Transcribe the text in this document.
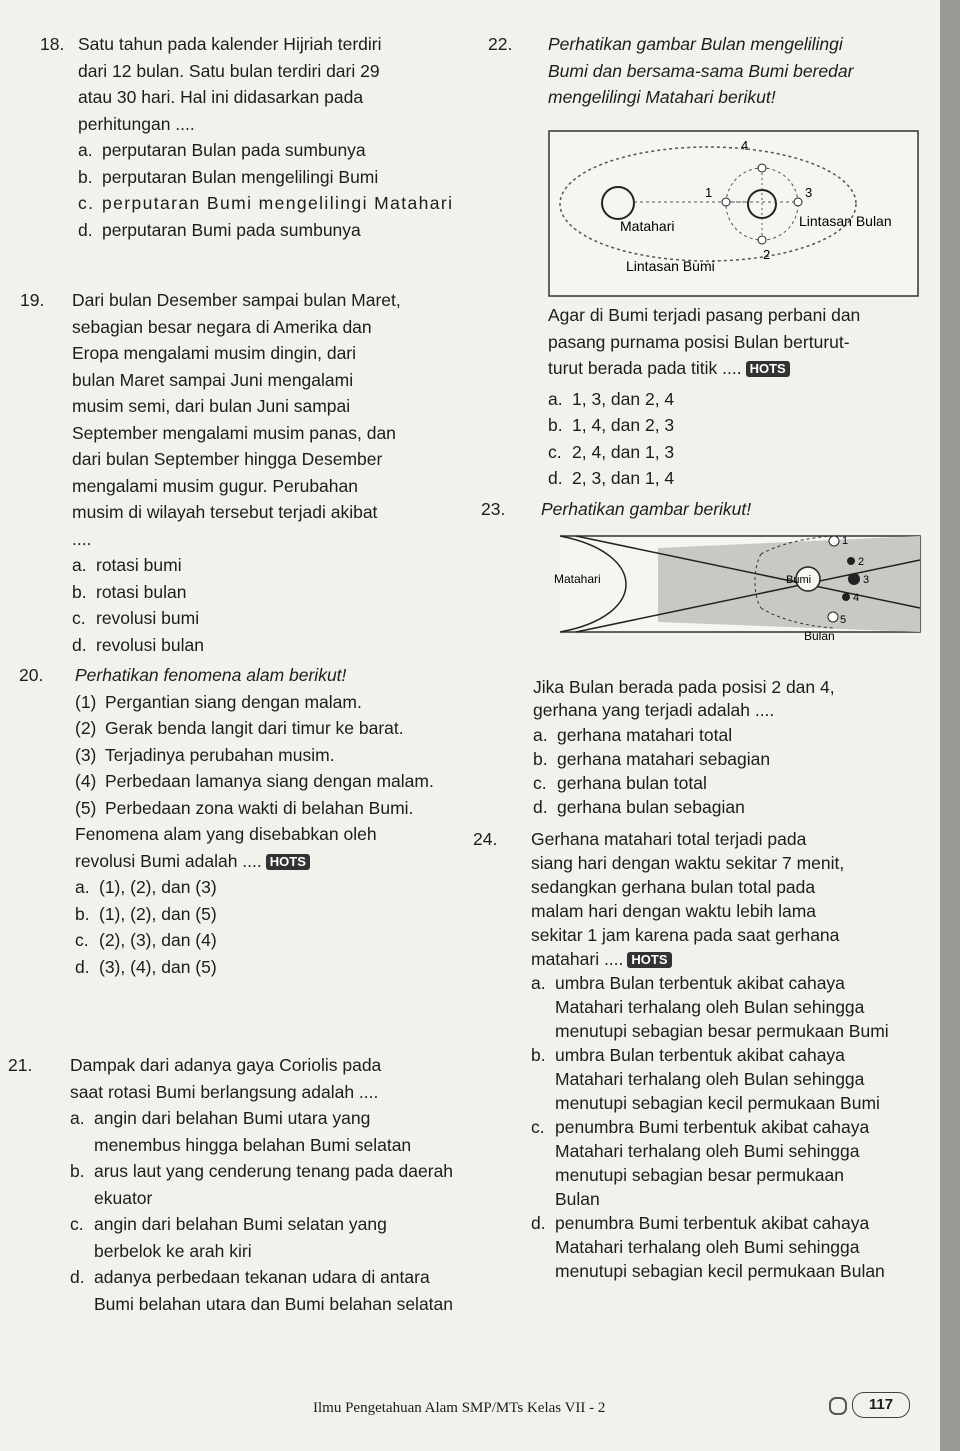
18. Satu tahun pada kalender Hijriah terdiri

dari 12 bulan. Satu bulan terdiri dari 29

atau 30 hari. Hal ini didasarkan pada

perhitungan ....

a. perputaran Bulan pada sumbunya
b. perputaran Bulan mengelilingi Bumi
c. perputaran Bumi mengelilingi Matahari
d. perputaran Bumi pada sumbunya
19. Dari bulan Desember sampai bulan Maret,

sebagian besar negara di Amerika dan

Eropa mengalami musim dingin, dari

bulan Maret sampai Juni mengalami

musim semi, dari bulan Juni sampai

September mengalami musim panas, dan

dari bulan September hingga Desember

mengalami musim gugur. Perubahan

musim di wilayah tersebut terjadi akibat

....

a. rotasi bumi
b. rotasi bulan
c. revolusi bumi
d. revolusi bulan
20. Perhatikan fenomena alam berikut!

(1) Pergantian siang dengan malam.
(2) Gerak benda langit dari timur ke barat.
(3) Terjadinya perubahan musim.
(4) Perbedaan lamanya siang dengan malam.
(5) Perbedaan zona wakti di belahan Bumi.

Fenomena alam yang disebabkan oleh

revolusi Bumi adalah .... HOTS

a. (1), (2), dan (3)
b. (1), (2), dan (5)
c. (2), (3), dan (4)
d. (3), (4), dan (5)
21. Dampak dari adanya gaya Coriolis pada

saat rotasi Bumi berlangsung adalah ....

a. angin dari belahan Bumi utara yang menembus hingga belahan Bumi selatan
b. arus laut yang cenderung tenang pada daerah ekuator
c. angin dari belahan Bumi selatan yang berbelok ke arah kiri
d. adanya perbedaan tekanan udara di antara Bumi belahan utara dan Bumi belahan selatan
22. Perhatikan gambar Bulan mengelilingi

Bumi dan bersama-sama Bumi beredar

mengelilingi Matahari berikut!

4
1	3
2
Matahari	Lintasan Bulan
Lintasan Bumi

Agar di Bumi terjadi pasang perbani dan

pasang purnama posisi Bulan berturut-

turut berada pada titik .... HOTS

a. 1, 3, dan 2, 4
b. 1, 4, dan 2, 3
c. 2, 4, dan 1, 3
d. 2, 3, dan 1, 4
23. Perhatikan gambar berikut!

Matahari	Bumi
1
2
3
4
5
Bulan

Jika Bulan berada pada posisi 2 dan 4,

gerhana yang terjadi adalah ....

a. gerhana matahari total
b. gerhana matahari sebagian
c. gerhana bulan total
d. gerhana bulan sebagian
24. Gerhana matahari total terjadi pada

siang hari dengan waktu sekitar 7 menit,

sedangkan gerhana bulan total pada

malam hari dengan waktu lebih lama

sekitar 1 jam karena pada saat gerhana

matahari .... HOTS

a. umbra Bulan terbentuk akibat cahaya Matahari terhalang oleh Bulan sehingga menutupi sebagian besar permukaan Bumi
b. umbra Bulan terbentuk akibat cahaya Matahari terhalang oleh Bulan sehingga menutupi sebagian kecil permukaan Bumi
c. penumbra Bumi terbentuk akibat cahaya Matahari terhalang oleh Bumi sehingga menutupi sebagian besar permukaan Bulan
d. penumbra Bumi terbentuk akibat cahaya Matahari terhalang oleh Bumi sehingga menutupi sebagian kecil permukaan Bulan
Ilmu Pengetahuan Alam SMP/MTs Kelas VII - 2	117
